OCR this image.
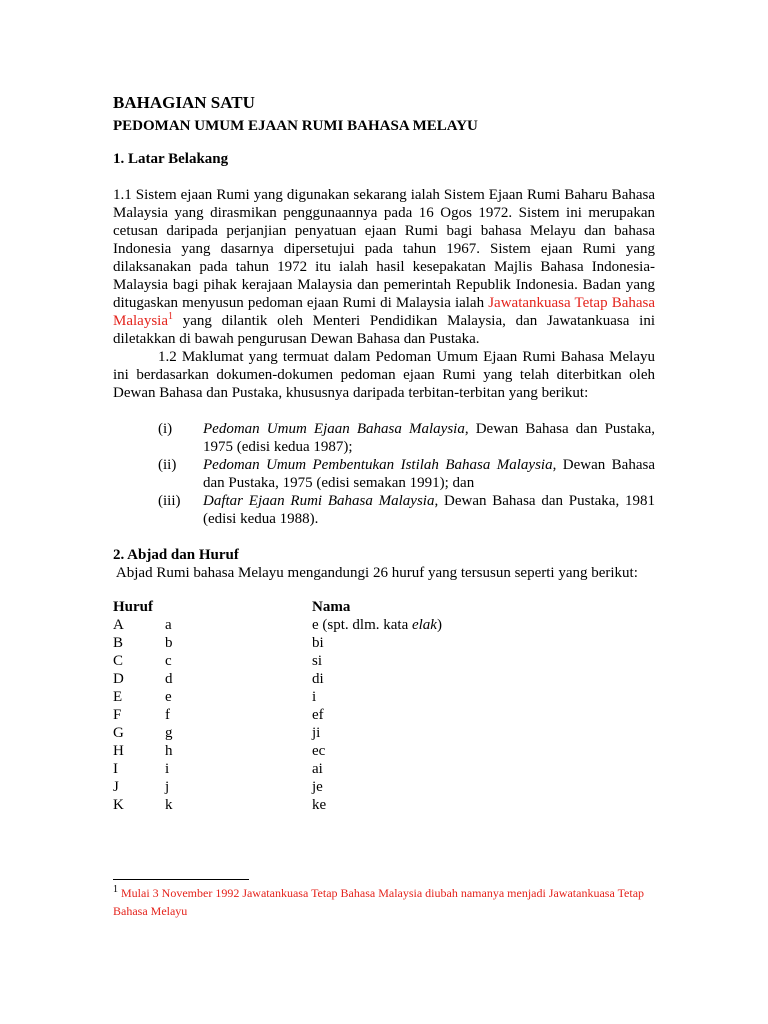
BAHAGIAN SATU
PEDOMAN UMUM EJAAN RUMI BAHASA MELAYU
1. Latar Belakang

1.1 Sistem ejaan Rumi yang digunakan sekarang ialah Sistem Ejaan Rumi Baharu Bahasa Malaysia yang dirasmikan penggunaannya pada 16 Ogos 1972. Sistem ini merupakan cetusan daripada perjanjian penyatuan ejaan Rumi bagi bahasa Melayu dan bahasa Indonesia yang dasarnya dipersetujui pada tahun 1967. Sistem ejaan Rumi yang dilaksanakan pada tahun 1972 itu ialah hasil kesepakatan Majlis Bahasa Indonesia-Malaysia bagi pihak kerajaan Malaysia dan pemerintah Republik Indonesia. Badan yang ditugaskan menyusun pedoman ejaan Rumi di Malaysia ialah Jawatankuasa Tetap Bahasa Malaysia$^1$ yang dilantik oleh Menteri Pendidikan Malaysia, dan Jawatankuasa ini diletakkan di bawah pengurusan Dewan Bahasa dan Pustaka.

1.2 Maklumat yang termuat dalam Pedoman Umum Ejaan Rumi Bahasa Melayu ini berdasarkan dokumen-dokumen pedoman ejaan Rumi yang telah diterbitkan oleh Dewan Bahasa dan Pustaka, khususnya daripada terbitan-terbitan yang berikut:

(i) Pedoman Umum Ejaan Bahasa Malaysia, Dewan Bahasa dan Pustaka, 1975 (edisi kedua 1987);
(ii) Pedoman Umum Pembentukan Istilah Bahasa Malaysia, Dewan Bahasa dan Pustaka, 1975 (edisi semakan 1991); dan
(iii) Daftar Ejaan Rumi Bahasa Malaysia, Dewan Bahasa dan Pustaka, 1981 (edisi kedua 1988).
2. Abjad dan Huruf
Abjad Rumi bahasa Melayu mengandungi 26 huruf yang tersusun seperti yang berikut:
Huruf	Nama
A	a	e (spt. dlm. kata elak)
B	b	bi
C	c	si
D	d	di
E	e	i
F	f	ef
G	g	ji
H	h	ec
I	i	ai
J	j	je
K	k	ke
$^1$ Mulai 3 November 1992 Jawatankuasa Tetap Bahasa Malaysia diubah namanya menjadi Jawatankuasa Tetap Bahasa Melayu
